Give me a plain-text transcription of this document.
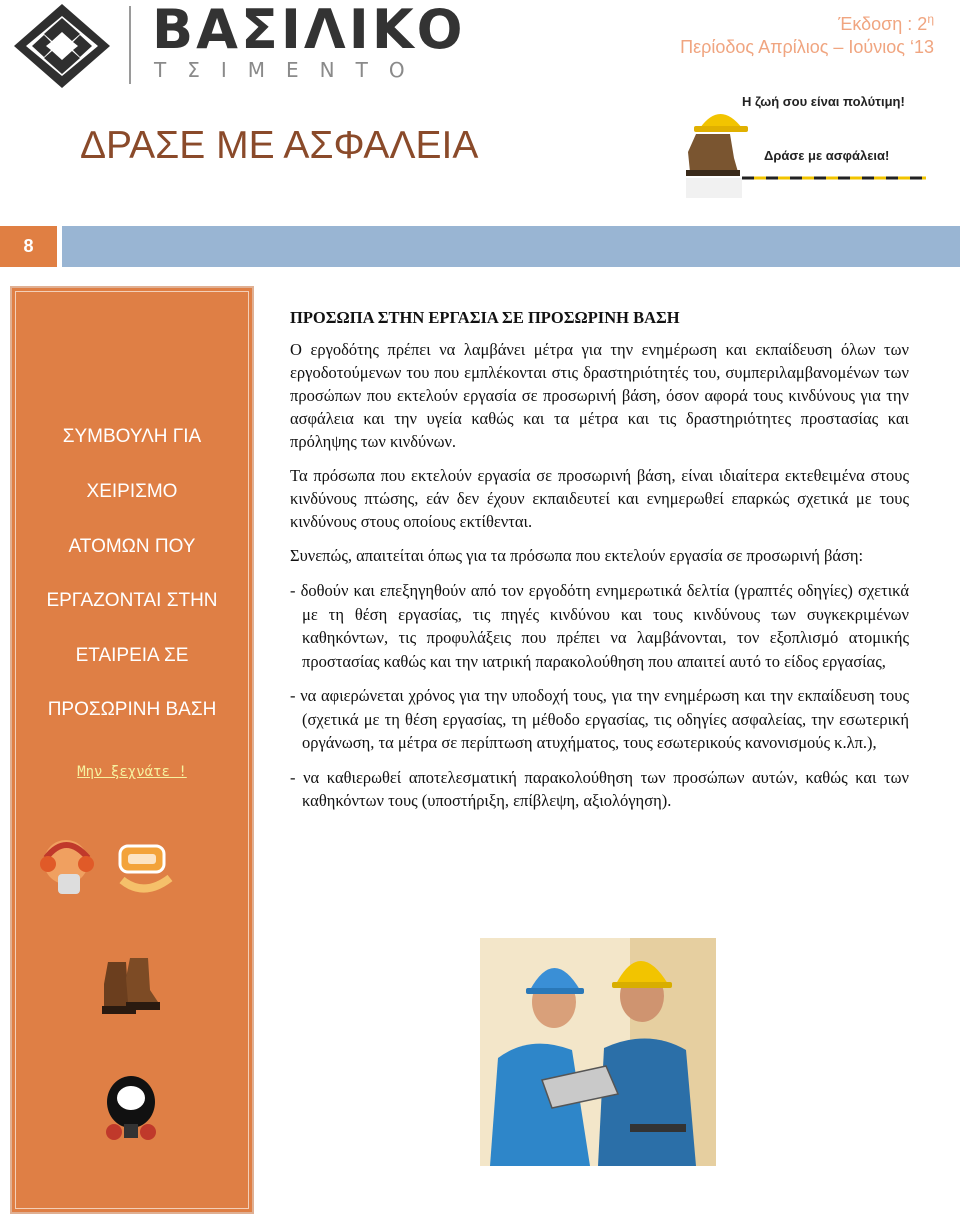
ΒΑΣΙΛΙΚΟ
ΤΣΙΜΕΝΤΟ
Έκδοση : $2^\eta$
Περίοδος Απρίλιος – Ιούνιος ‘13
ΔΡΑΣΕ ΜΕ ΑΣΦΑΛΕΙΑ
Η ζωή σου είναι πολύτιμη!
Δράσε με ασφάλεια!
8
ΣΥΜΒΟΥΛΗ ΓΙΑ
ΧΕΙΡΙΣΜΟ
ΑΤΟΜΩΝ ΠΟΥ
ΕΡΓΑΖΟΝΤΑΙ ΣΤΗΝ
ΕΤΑΙΡΕΙΑ ΣΕ
ΠΡΟΣΩΡΙΝΗ ΒΑΣΗ
Μην ξεχνάτε !
ΠΡΟΣΩΠΑ ΣΤΗΝ ΕΡΓΑΣΙΑ ΣΕ ΠΡΟΣΩΡΙΝΗ ΒΑΣΗ

Ο εργοδότης πρέπει να λαμβάνει μέτρα για την ενημέρωση και εκπαίδευση όλων των εργοδοτούμενων του που εμπλέκονται στις δραστηριότητές του, συμπεριλαμβανομένων των προσώπων που εκτελούν εργασία σε προσωρινή βάση, όσον αφορά τους κινδύνους για την ασφάλεια και την υγεία καθώς και τα μέτρα και τις δραστηριότητες προστασίας και πρόληψης των κινδύνων.

Τα πρόσωπα που εκτελούν εργασία σε προσωρινή βάση, είναι ιδιαίτερα εκτεθειμένα στους κινδύνους πτώσης, εάν δεν έχουν εκπαιδευτεί και ενημερωθεί επαρκώς σχετικά με τους κινδύνους στους οποίους εκτίθενται.

Συνεπώς, απαιτείται όπως για τα πρόσωπα που εκτελούν εργασία σε προσωρινή βάση:

- δοθούν και επεξηγηθούν από τον εργοδότη ενημερωτικά δελτία (γραπτές οδηγίες) σχετικά με τη θέση εργασίας, τις πηγές κινδύνου και τους κινδύνους των συγκεκριμένων καθηκόντων, τις προφυλάξεις που πρέπει να λαμβάνονται, τον εξοπλισμό ατομικής προστασίας καθώς και την ιατρική παρακολούθηση που απαιτεί αυτό το είδος εργασίας,

- να αφιερώνεται χρόνος για την υποδοχή τους, για την ενημέρωση και την εκπαίδευση τους (σχετικά με τη θέση εργασίας, τη μέθοδο εργασίας, τις οδηγίες ασφαλείας, την εσωτερική οργάνωση, τα μέτρα σε περίπτωση ατυχήματος, τους εσωτερικούς κανονισμούς κ.λπ.),

- να καθιερωθεί αποτελεσματική παρακολούθηση των προσώπων αυτών, καθώς και των καθηκόντων τους (υποστήριξη, επίβλεψη, αξιολόγηση).
